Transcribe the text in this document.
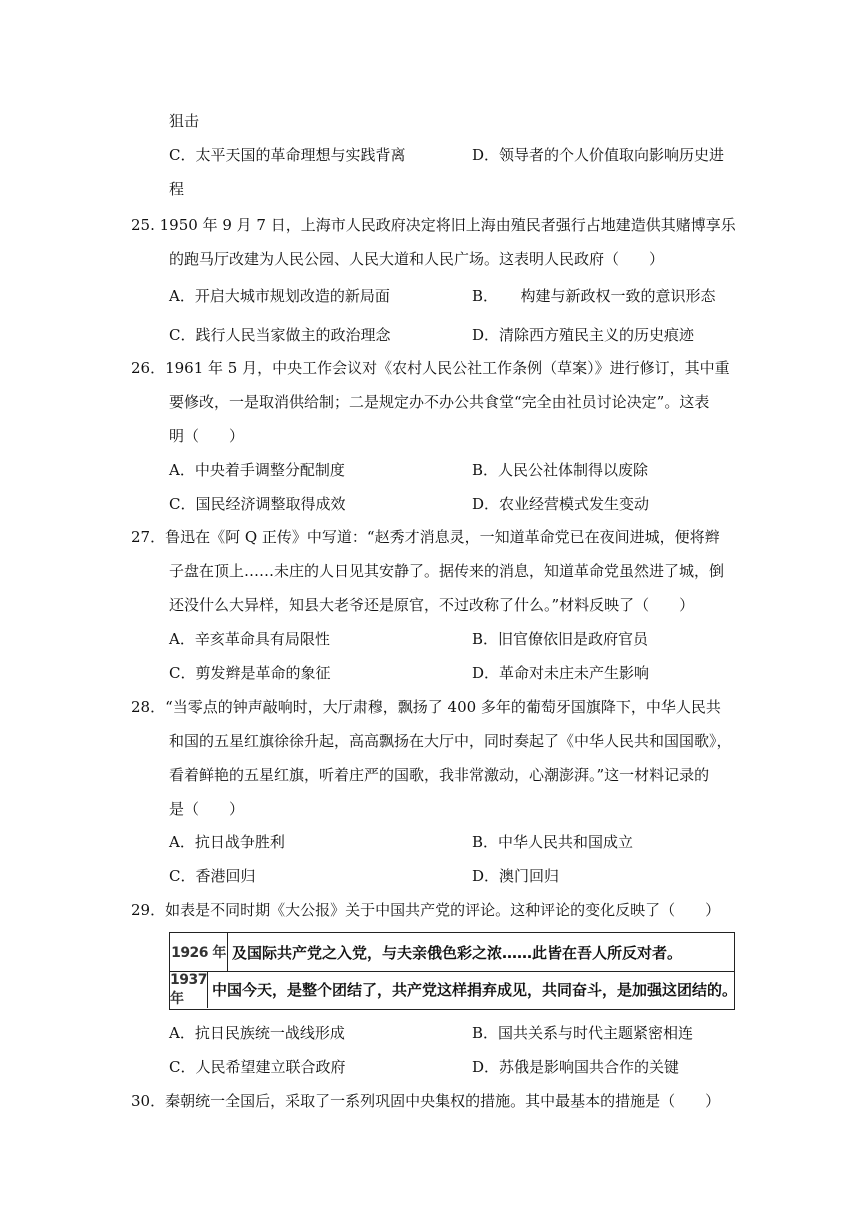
狙击
C．太平天国的革命理想与实践背离	D．领导者的个人价值取向影响历史进
程
25. 1950 年 9 月 7 日，上海市人民政府决定将旧上海由殖民者强行占地建造供其赌博享乐
的跑马厅改建为人民公园、人民大道和人民广场。这表明人民政府（　　）
A．开启大城市规划改造的新局面	B．　　构建与新政权一致的意识形态
C．践行人民当家做主的政治理念	D．清除西方殖民主义的历史痕迹
26．1961 年 5 月，中央工作会议对《农村人民公社工作条例（草案）》进行修订，其中重
要修改，一是取消供给制；二是规定办不办公共食堂“完全由社员讨论决定”。这表
明（　　）
A．中央着手调整分配制度	B．人民公社体制得以废除
C．国民经济调整取得成效	D．农业经营模式发生变动
27．鲁迅在《阿 Q 正传》中写道：“赵秀才消息灵，一知道革命党已在夜间进城，便将辫
子盘在顶上……未庄的人日见其安静了。据传来的消息，知道革命党虽然进了城，倒
还没什么大异样，知县大老爷还是原官，不过改称了什么。”材料反映了（　　）
A．辛亥革命具有局限性	B．旧官僚依旧是政府官员
C．剪发辫是革命的象征	D．革命对未庄未产生影响
28．“当零点的钟声敲响时，大厅肃穆，飘扬了 400 多年的葡萄牙国旗降下，中华人民共
和国的五星红旗徐徐升起，高高飘扬在大厅中，同时奏起了《中华人民共和国国歌》，
看着鲜艳的五星红旗，听着庄严的国歌，我非常激动，心潮澎湃。”这一材料记录的
是（　　）
A．抗日战争胜利	B．中华人民共和国成立
C．香港回归	D．澳门回归
29．如表是不同时期《大公报》关于中国共产党的评论。这种评论的变化反映了（　　）
1926 年 及国际共产党之入党，与夫亲俄色彩之浓……此皆在吾人所反对者。
1937 年	中国今天，是整个团结了，共产党这样捐弃成见，共同奋斗，是加强这团结的。
A．抗日民族统一战线形成	B．国共关系与时代主题紧密相连
C．人民希望建立联合政府	D．苏俄是影响国共合作的关键
30．秦朝统一全国后，采取了一系列巩固中央集权的措施。其中最基本的措施是（　　）
